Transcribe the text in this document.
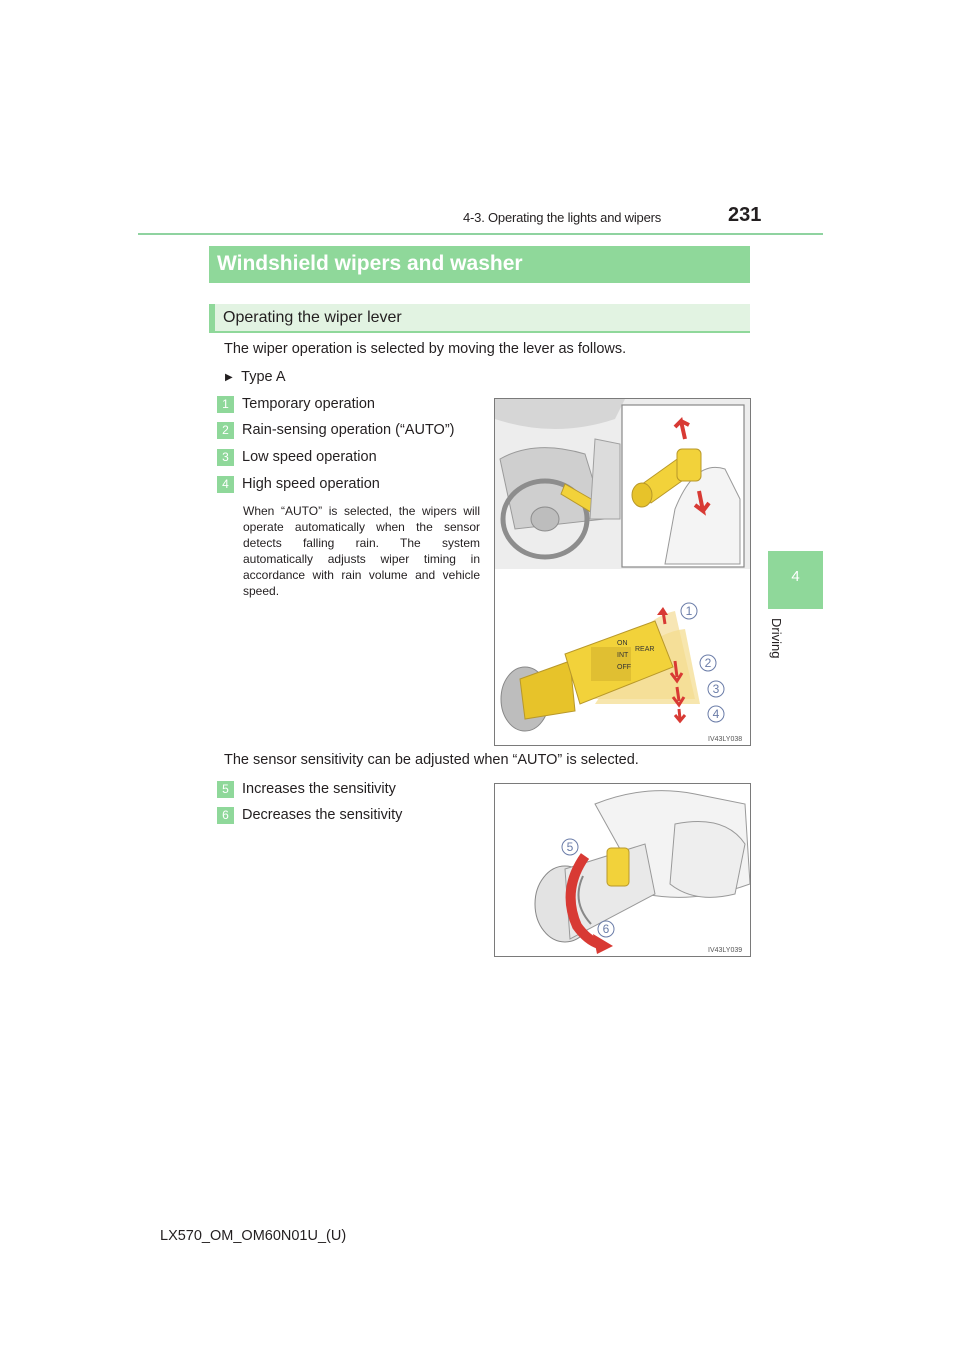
4-3. Operating the lights and wipers	231
4
Driving
Windshield wipers and washer
Operating the wiper lever
The wiper operation is selected by moving the lever as follows.
▶ Type A
1 Temporary operation
2 Rain-sensing operation (“AUTO”)
3 Low speed operation
4 High speed operation
When “AUTO” is selected, the wipers will operate automatically when the sensor detects falling rain. The system automatically adjusts wiper timing in accordance with rain volume and vehicle speed.
ON
INT
OFF
REAR
1
2
3
4
IV43LY038
The sensor sensitivity can be adjusted when “AUTO” is selected.
5 Increases the sensitivity
6 Decreases the sensitivity
5
6
IV43LY039
LX570_OM_OM60N01U_(U)
